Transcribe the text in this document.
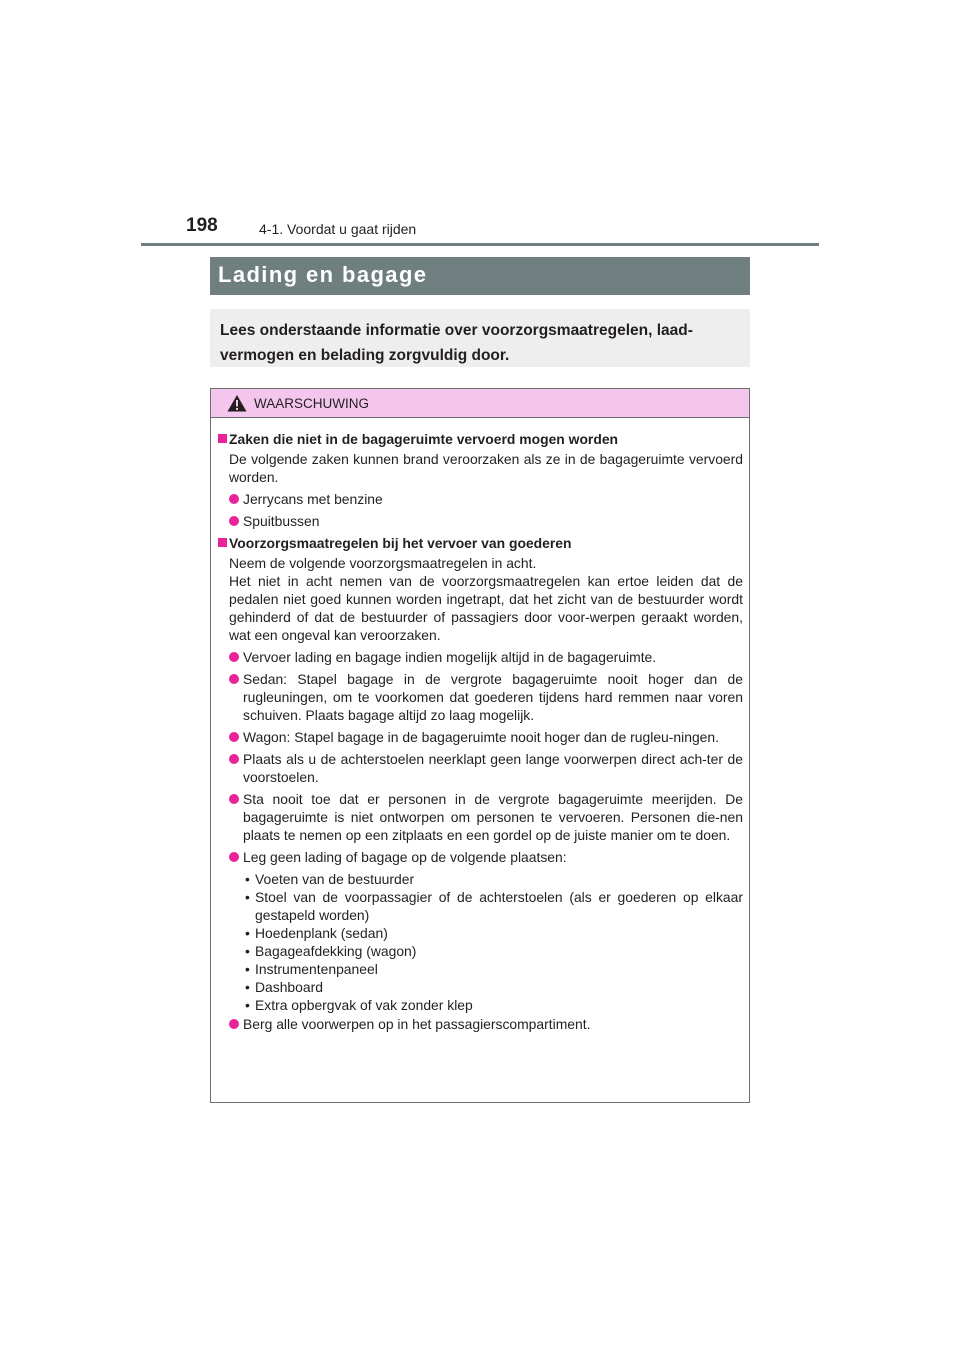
198	4-1. Voordat u gaat rijden
Lading en bagage
Lees onderstaande informatie over voorzorgsmaatregelen, laad-
vermogen en belading zorgvuldig door.
WAARSCHUWING
Zaken die niet in de bagageruimte vervoerd mogen worden
De volgende zaken kunnen brand veroorzaken als ze in de bagageruimte vervoerd worden.
Jerrycans met benzine
Spuitbussen
Voorzorgsmaatregelen bij het vervoer van goederen
Neem de volgende voorzorgsmaatregelen in acht.
Het niet in acht nemen van de voorzorgsmaatregelen kan ertoe leiden dat de pedalen niet goed kunnen worden ingetrapt, dat het zicht van de bestuurder wordt gehinderd of dat de bestuurder of passagiers door voor-werpen geraakt worden, wat een ongeval kan veroorzaken.
Vervoer lading en bagage indien mogelijk altijd in de bagageruimte.
Sedan: Stapel bagage in de vergrote bagageruimte nooit hoger dan de rugleuningen, om te voorkomen dat goederen tijdens hard remmen naar voren schuiven. Plaats bagage altijd zo laag mogelijk.
Wagon: Stapel bagage in de bagageruimte nooit hoger dan de rugleu-ningen.
Plaats als u de achterstoelen neerklapt geen lange voorwerpen direct ach-ter de voorstoelen.
Sta nooit toe dat er personen in de vergrote bagageruimte meerijden. De bagageruimte is niet ontworpen om personen te vervoeren. Personen die-nen plaats te nemen op een zitplaats en een gordel op de juiste manier om te doen.
Leg geen lading of bagage op de volgende plaatsen:
• Voeten van de bestuurder
• Stoel van de voorpassagier of de achterstoelen (als er goederen op elkaar gestapeld worden)
• Hoedenplank (sedan)
• Bagageafdekking (wagon)
• Instrumentenpaneel
• Dashboard
• Extra opbergvak of vak zonder klep
Berg alle voorwerpen op in het passagierscompartiment.
